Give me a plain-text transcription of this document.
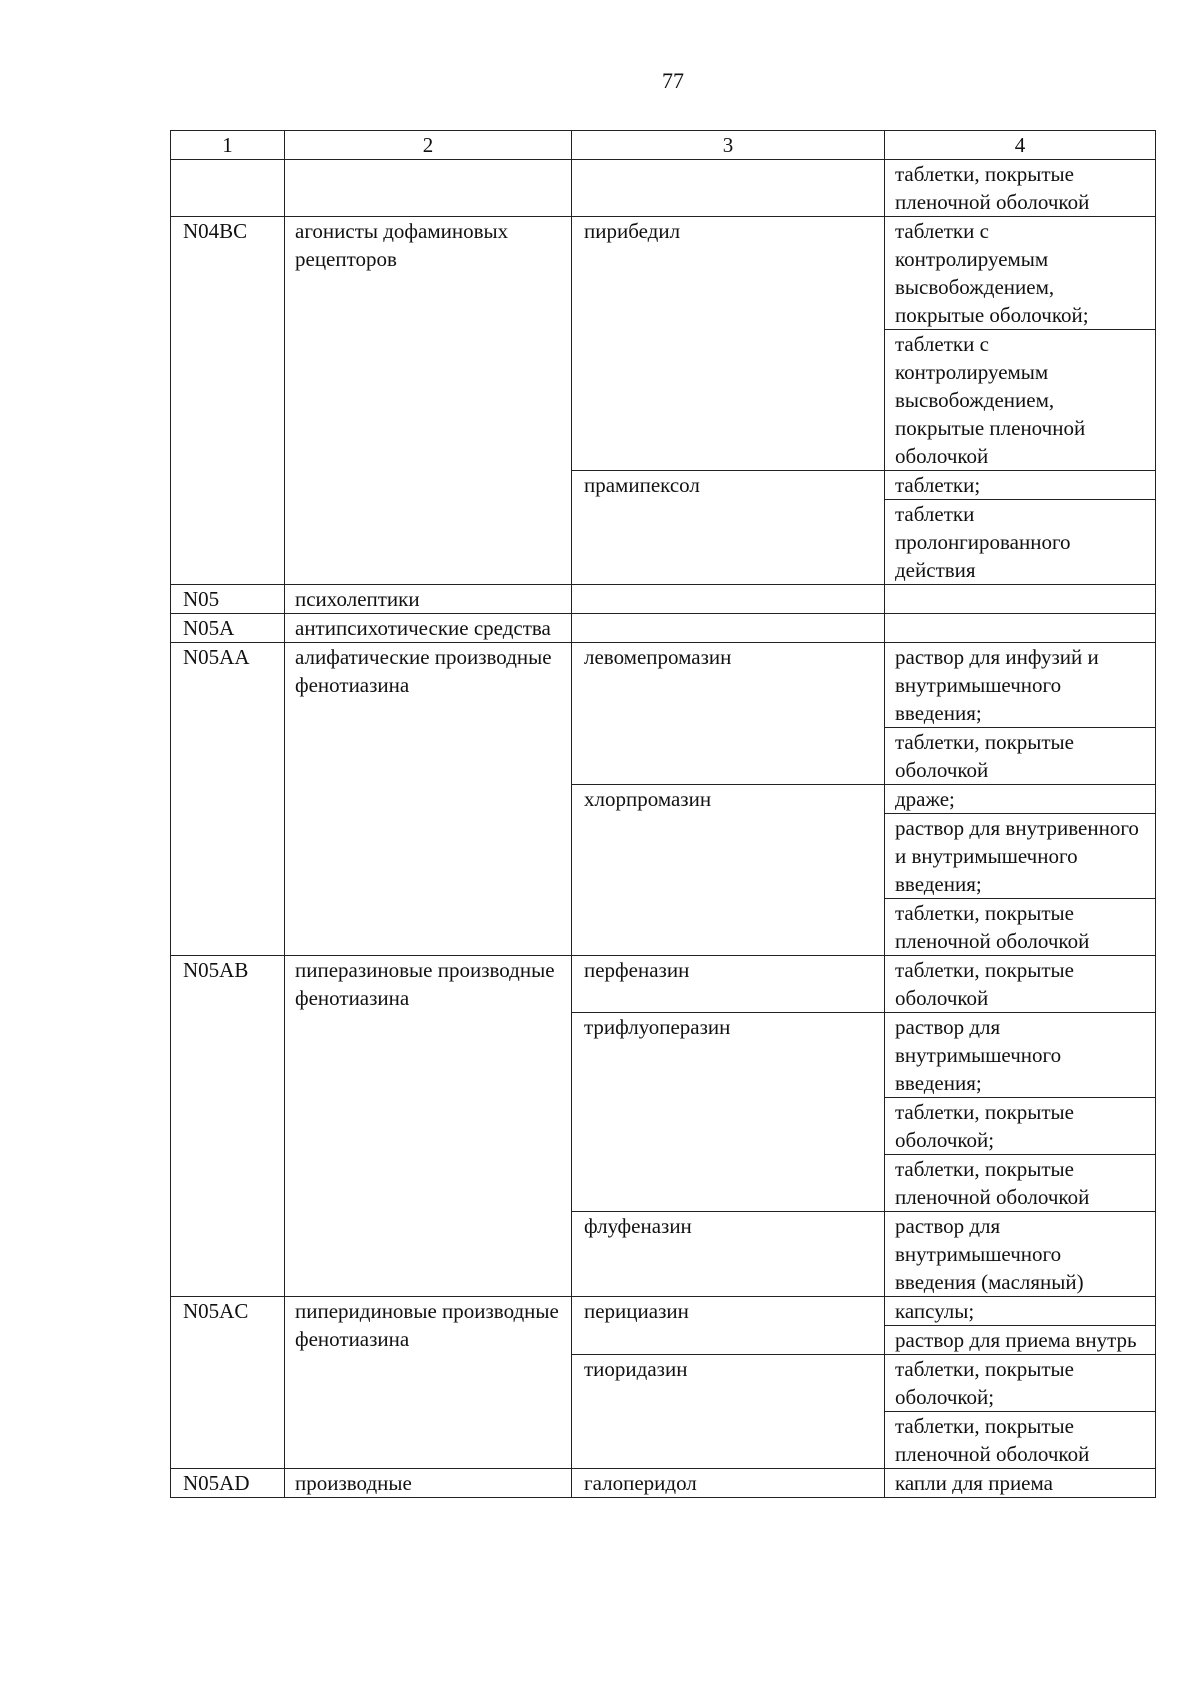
77
1	2	3	4
			таблетки, покрытые пленочной оболочкой
N04BC	агонисты дофаминовых рецепторов	пирибедил	таблетки с контролируемым высвобождением, покрытые оболочкой;
			таблетки с контролируемым высвобождением, покрытые пленочной оболочкой
		прамипексол	таблетки;
			таблетки пролонгированного действия
N05	психолептики		
N05A	антипсихотические средства		
N05AA	алифатические производные фенотиазина	левомепромазин	раствор для инфузий и внутримышечного введения;
			таблетки, покрытые оболочкой
		хлорпромазин	драже;
			раствор для внутривенного и внутримышечного введения;
			таблетки, покрытые пленочной оболочкой
N05AB	пиперазиновые производные фенотиазина	перфеназин	таблетки, покрытые оболочкой
		трифлуоперазин	раствор для внутримышечного введения;
			таблетки, покрытые оболочкой;
			таблетки, покрытые пленочной оболочкой
		флуфеназин	раствор для внутримышечного введения (масляный)
N05AC	пиперидиновые производные фенотиазина	перициазин	капсулы;
			раствор для приема внутрь
		тиоридазин	таблетки, покрытые оболочкой;
			таблетки, покрытые пленочной оболочкой
N05AD	производные	галоперидол	капли для приема
